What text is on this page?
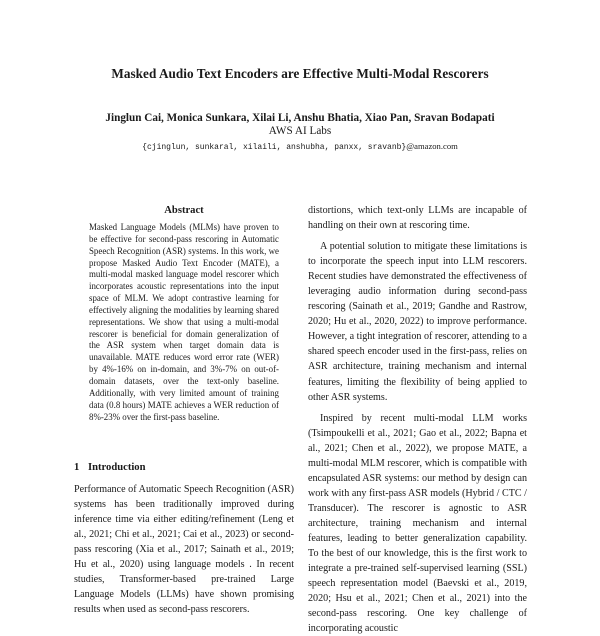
Masked Audio Text Encoders are Effective Multi-Modal Rescorers
Jinglun Cai, Monica Sunkara, Xilai Li, Anshu Bhatia, Xiao Pan, Sravan Bodapati
AWS AI Labs
{cjinglun, sunkaral, xilaili, anshubha, panxx, sravanb}@amazon.com
Abstract
Masked Language Models (MLMs) have proven to be effective for second-pass rescoring in Automatic Speech Recognition (ASR) systems. In this work, we propose Masked Audio Text Encoder (MATE), a multi-modal masked language model rescorer which incorporates acoustic representations into the input space of MLM. We adopt contrastive learning for effectively aligning the modalities by learning shared representations. We show that using a multi-modal rescorer is beneficial for domain generalization of the ASR system when target domain data is unavailable. MATE reduces word error rate (WER) by 4%-16% on in-domain, and 3%-7% on out-of-domain datasets, over the text-only baseline. Additionally, with very limited amount of training data (0.8 hours) MATE achieves a WER reduction of 8%-23% over the first-pass baseline.
1 Introduction

Performance of Automatic Speech Recognition (ASR) systems has been traditionally improved during inference time via either editing/refinement (Leng et al., 2021; Chi et al., 2021; Cai et al., 2023) or second-pass rescoring (Xia et al., 2017; Sainath et al., 2019; Hu et al., 2020) using language models . In recent studies, Transformer-based pre-trained Large Language Models (LLMs) have shown promising results when used as second-pass rescorers.

distortions, which text-only LLMs are incapable of handling on their own at rescoring time.

A potential solution to mitigate these limitations is to incorporate the speech input into LLM rescorers. Recent studies have demonstrated the effectiveness of leveraging audio information during second-pass rescoring (Sainath et al., 2019; Gandhe and Rastrow, 2020; Hu et al., 2020, 2022) to improve performance. However, a tight integration of rescorer, attending to a shared speech encoder used in the first-pass, relies on ASR architecture, training mechanism and internal features, limiting the flexibility of being applied to other ASR systems.

Inspired by recent multi-modal LLM works (Tsimpoukelli et al., 2021; Gao et al., 2022; Bapna et al., 2021; Chen et al., 2022), we propose MATE, a multi-modal MLM rescorer, which is compatible with encapsulated ASR systems: our method by design can work with any first-pass ASR models (Hybrid / CTC / Transducer). The rescorer is agnostic to ASR architecture, training mechanism and internal features, leading to better generalization capability. To the best of our knowledge, this is the first work to integrate a pre-trained self-supervised learning (SSL) speech representation model (Baevski et al., 2019, 2020; Hsu et al., 2021; Chen et al., 2021) into the second-pass rescoring. One key challenge of incorporating acoustic
